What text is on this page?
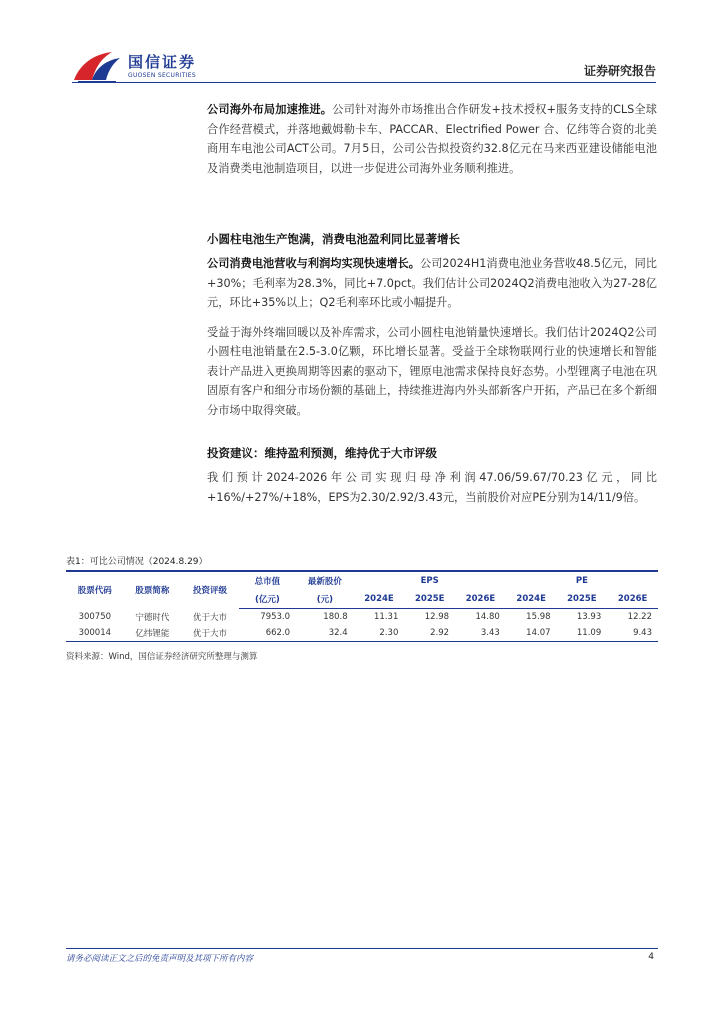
国信证券
GUOSEN SECURITIES	证券研究报告

公司海外布局加速推进。公司针对海外市场推出合作研发+技术授权+服务支持的CLS全球合作经营模式，并落地戴姆勒卡车、PACCAR、Electrified Power 合、亿纬等合资的北美商用车电池公司ACT公司。7月5日，公司公告拟投资约32.8亿元在马来西亚建设储能电池及消费类电池制造项目，以进一步促进公司海外业务顺利推进。

小圆柱电池生产饱满，消费电池盈利同比显著增长

公司消费电池营收与利润均实现快速增长。公司2024H1消费电池业务营收48.5亿元，同比+30%；毛利率为28.3%，同比+7.0pct。我们估计公司2024Q2消费电池收入为27-28亿元，环比+35%以上；Q2毛利率环比或小幅提升。

受益于海外终端回暖以及补库需求，公司小圆柱电池销量快速增长。我们估计2024Q2公司小圆柱电池销量在2.5-3.0亿颗，环比增长显著。受益于全球物联网行业的快速增长和智能表计产品进入更换周期等因素的驱动下，锂原电池需求保持良好态势。小型锂离子电池在巩固原有客户和细分市场份额的基础上，持续推进海内外头部新客户开拓，产品已在多个新细分市场中取得突破。

投资建议：维持盈利预测，维持优于大市评级

我们预计2024-2026年公司实现归母净利润47.06/59.67/70.23亿元，同比+16%/+27%/+18%，EPS为2.30/2.92/3.43元，当前股价对应PE分别为14/11/9倍。

表1：可比公司情况（2024.8.29）
股票代码	股票简称	投资评级	总市值	最新股价	EPS			PE		
			(亿元)	(元)	2024E	2025E	2026E	2024E	2025E	2026E
300750	宁德时代	优于大市	7953.0	180.8	11.31	12.98	14.80	15.98	13.93	12.22
300014	亿纬锂能	优于大市	662.0	32.4	2.30	2.92	3.43	14.07	11.09	9.43
资料来源：Wind，国信证券经济研究所整理与测算
请务必阅读正文之后的免责声明及其项下所有内容	4
